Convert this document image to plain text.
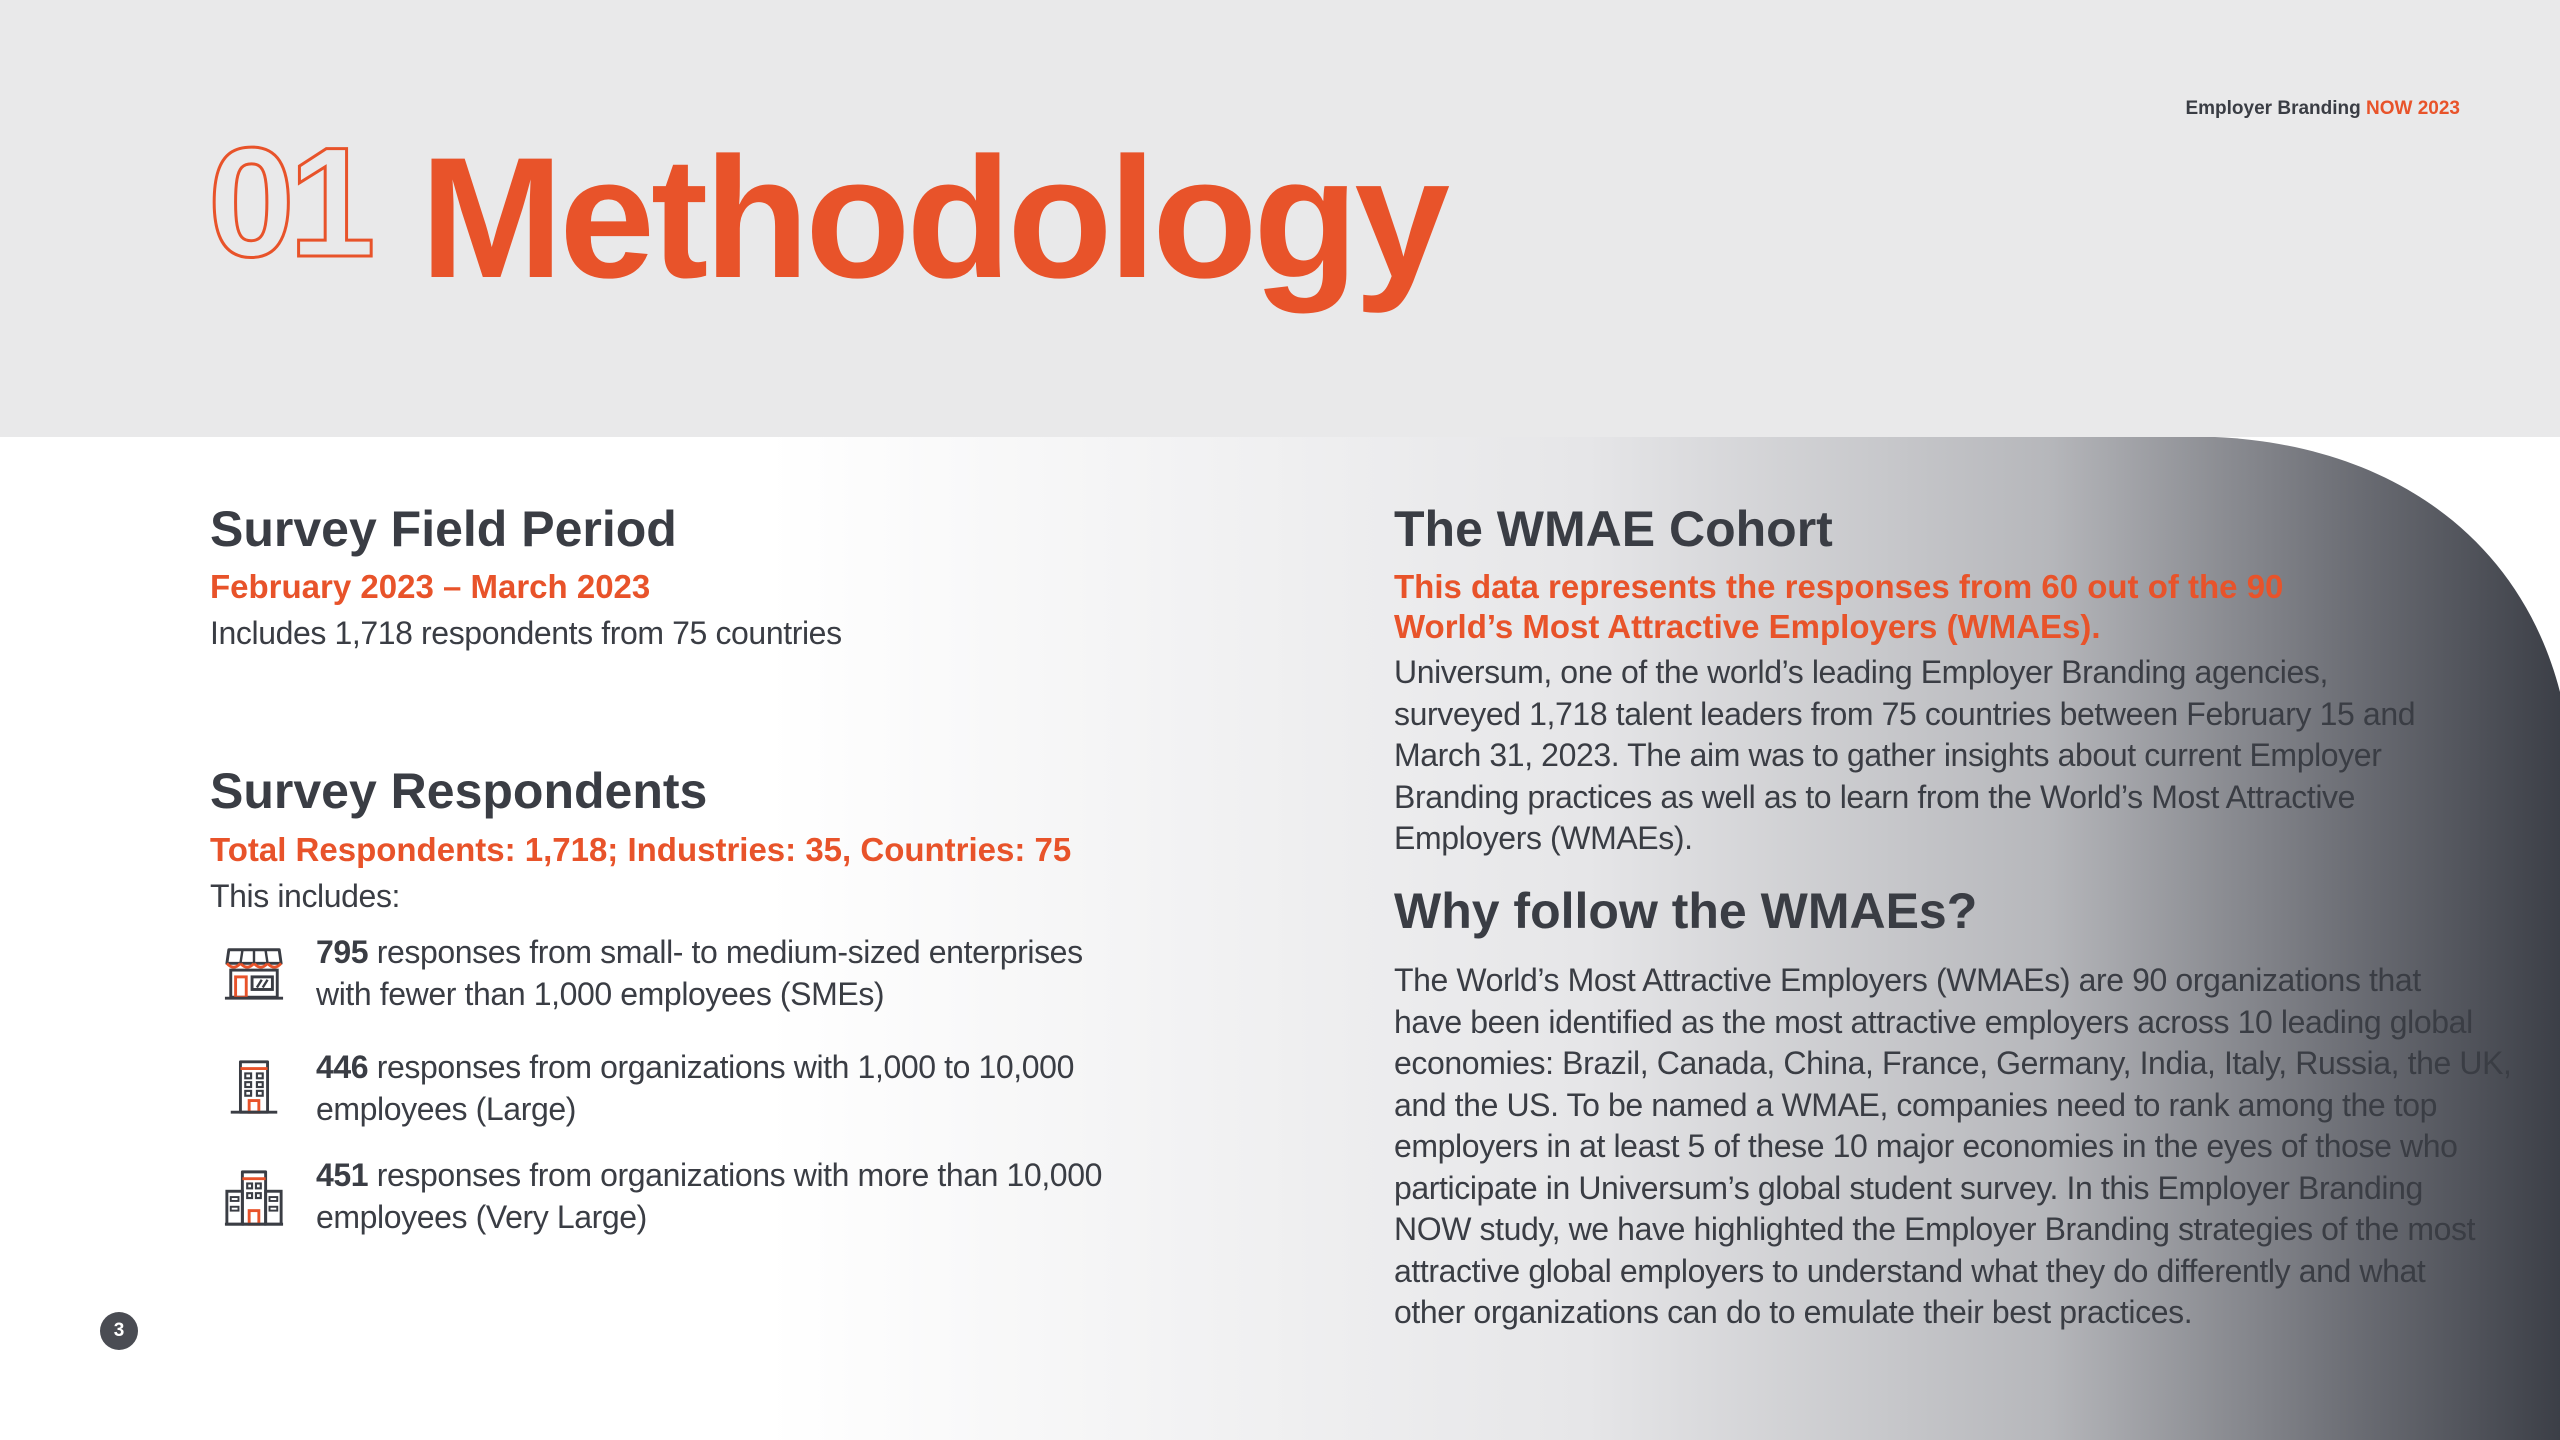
Employer Branding NOW 2023
01 Methodology
Survey Field Period
February 2023 – March 2023
Includes 1,718 respondents from 75 countries
Survey Respondents
Total Respondents: 1,718; Industries: 35, Countries: 75
This includes:
795 responses from small- to medium-sized enterprises
with fewer than 1,000 employees (SMEs)
446 responses from organizations with 1,000 to 10,000
employees (Large)
451 responses from organizations with more than 10,000
employees (Very Large)
The WMAE Cohort
This data represents the responses from 60 out of the 90
World’s Most Attractive Employers (WMAEs).
Universum, one of the world’s leading Employer Branding agencies,
surveyed 1,718 talent leaders from 75 countries between February 15 and
March 31, 2023. The aim was to gather insights about current Employer
Branding practices as well as to learn from the World’s Most Attractive
Employers (WMAEs).
Why follow the WMAEs?
The World’s Most Attractive Employers (WMAEs) are 90 organizations that
have been identified as the most attractive employers across 10 leading global
economies: Brazil, Canada, China, France, Germany, India, Italy, Russia, the UK,
and the US. To be named a WMAE, companies need to rank among the top
employers in at least 5 of these 10 major economies in the eyes of those who
participate in Universum’s global student survey. In this Employer Branding
NOW study, we have highlighted the Employer Branding strategies of the most
attractive global employers to understand what they do differently and what
other organizations can do to emulate their best practices.
3
